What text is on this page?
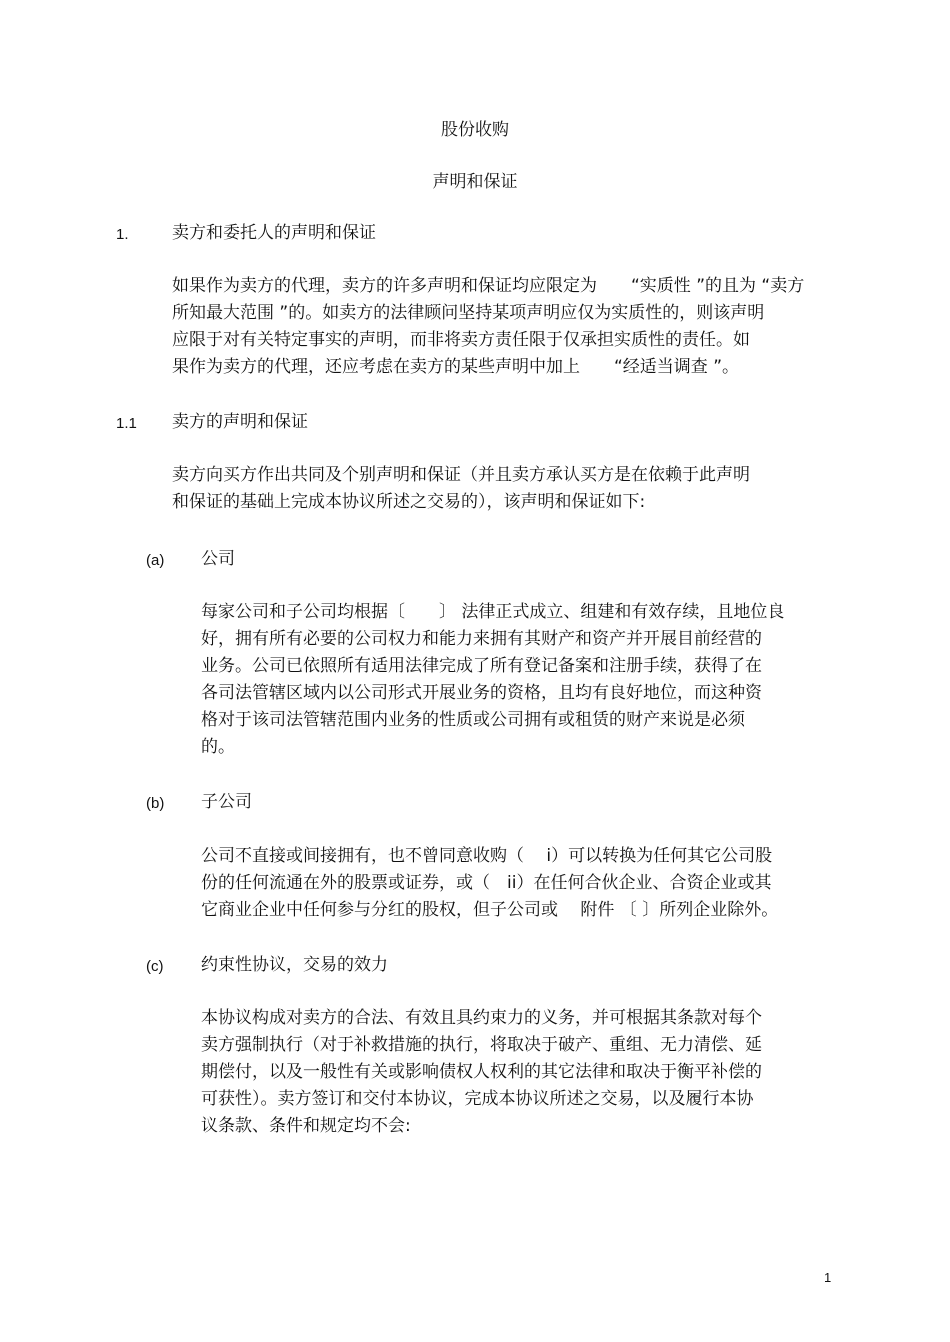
股份收购

声明和保证

1.	卖方和委托人的声明和保证

如果作为卖方的代理，卖方的许多声明和保证均应限定为　　“实质性 ”的且为 “卖方

所知最大范围 ”的。如卖方的法律顾问坚持某项声明应仅为实质性的，则该声明

应限于对有关特定事实的声明，而非将卖方责任限于仅承担实质性的责任。如

果作为卖方的代理，还应考虑在卖方的某些声明中加上　　“经适当调查 ”。

1.1 卖方的声明和保证

卖方向买方作出共同及个别声明和保证（并且卖方承认买方是在依赖于此声明

和保证的基础上完成本协议所述之交易的），该声明和保证如下:

(a) 公司

每家公司和子公司均根据〔　　〕 法律正式成立、组建和有效存续，且地位良

好，拥有所有必要的公司权力和能力来拥有其财产和资产并开展目前经营的

业务。公司已依照所有适用法律完成了所有登记备案和注册手续，获得了在

各司法管辖区域内以公司形式开展业务的资格，且均有良好地位，而这种资

格对于该司法管辖范围内业务的性质或公司拥有或租赁的财产来说是必须

的。

(b) 子公司

公司不直接或间接拥有，也不曾同意收购（　 i）可以转换为任何其它公司股

份的任何流通在外的股票或证券，或（　ii）在任何合伙企业、合资企业或其

它商业企业中任何参与分红的股权，但子公司或　 附件 〔 〕所列企业除外。

(c) 约束性协议，交易的效力

本协议构成对卖方的合法、有效且具约束力的义务，并可根据其条款对每个

卖方强制执行（对于补救措施的执行，将取决于破产、重组、无力清偿、延

期偿付，以及一般性有关或影响债权人权利的其它法律和取决于衡平补偿的

可获性）。卖方签订和交付本协议，完成本协议所述之交易，以及履行本协

议条款、条件和规定均不会:

1
